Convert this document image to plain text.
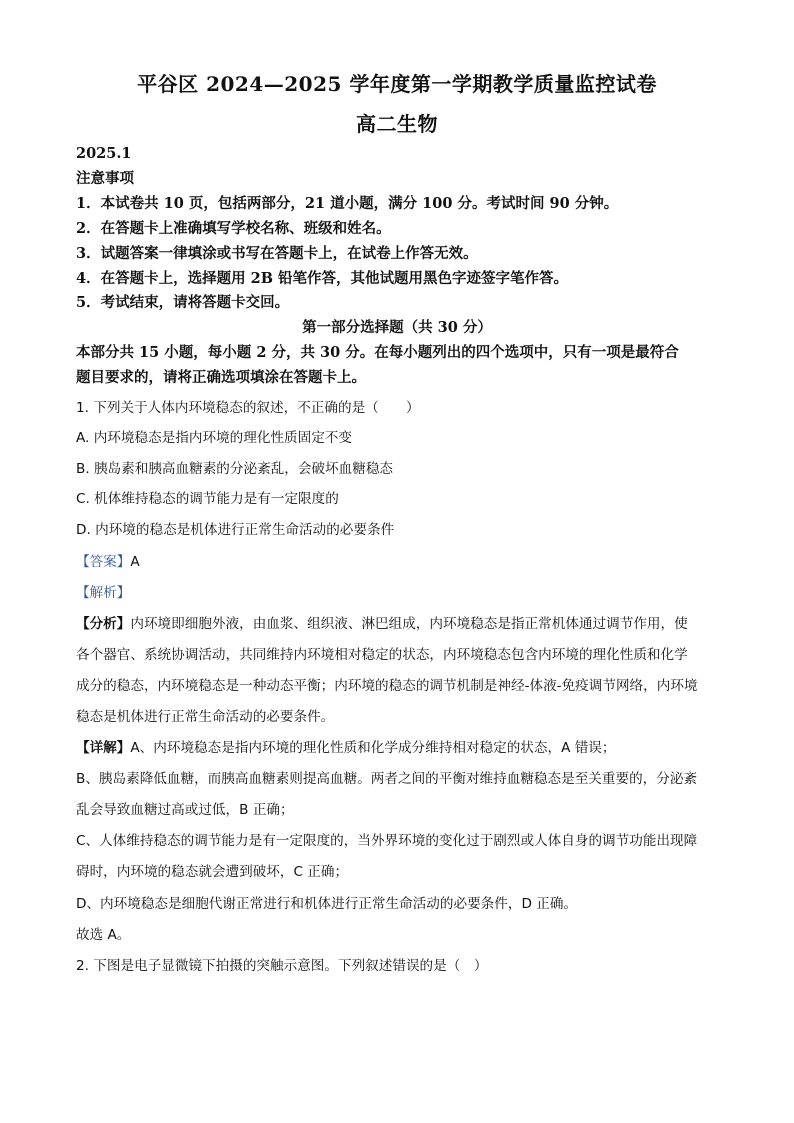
平谷区 2024—2025 学年度第一学期教学质量监控试卷
高二生物
2025.1
注意事项
1．本试卷共 10 页，包括两部分，21 道小题，满分 100 分。考试时间 90 分钟。
2．在答题卡上准确填写学校名称、班级和姓名。
3．试题答案一律填涂或书写在答题卡上，在试卷上作答无效。
4．在答题卡上，选择题用 2B 铅笔作答，其他试题用黑色字迹签字笔作答。
5．考试结束，请将答题卡交回。
第一部分选择题（共 30 分）
本部分共 15 小题，每小题 2 分，共 30 分。在每小题列出的四个选项中，只有一项是最符合
题目要求的，请将正确选项填涂在答题卡上。
1. 下列关于人体内环境稳态的叙述，不正确的是（　　）
A. 内环境稳态是指内环境的理化性质固定不变
B. 胰岛素和胰高血糖素的分泌紊乱，会破坏血糖稳态
C. 机体维持稳态的调节能力是有一定限度的
D. 内环境的稳态是机体进行正常生命活动的必要条件
【答案】A
【解析】
【分析】内环境即细胞外液，由血浆、组织液、淋巴组成，内环境稳态是指正常机体通过调节作用，使
各个器官、系统协调活动，共同维持内环境相对稳定的状态，内环境稳态包含内环境的理化性质和化学
成分的稳态，内环境稳态是一种动态平衡；内环境的稳态的调节机制是神经-体液-免疫调节网络，内环境
稳态是机体进行正常生命活动的必要条件。
【详解】A、内环境稳态是指内环境的理化性质和化学成分维持相对稳定的状态，A 错误；
B、胰岛素降低血糖，而胰高血糖素则提高血糖。两者之间的平衡对维持血糖稳态是至关重要的，分泌紊
乱会导致血糖过高或过低，B 正确；
C、人体维持稳态的调节能力是有一定限度的，当外界环境的变化过于剧烈或人体自身的调节功能出现障
碍时，内环境的稳态就会遭到破坏，C 正确；
D、内环境稳态是细胞代谢正常进行和机体进行正常生命活动的必要条件，D 正确。
故选 A。
2. 下图是电子显微镜下拍摄的突触示意图。下列叙述错误的是（　）
